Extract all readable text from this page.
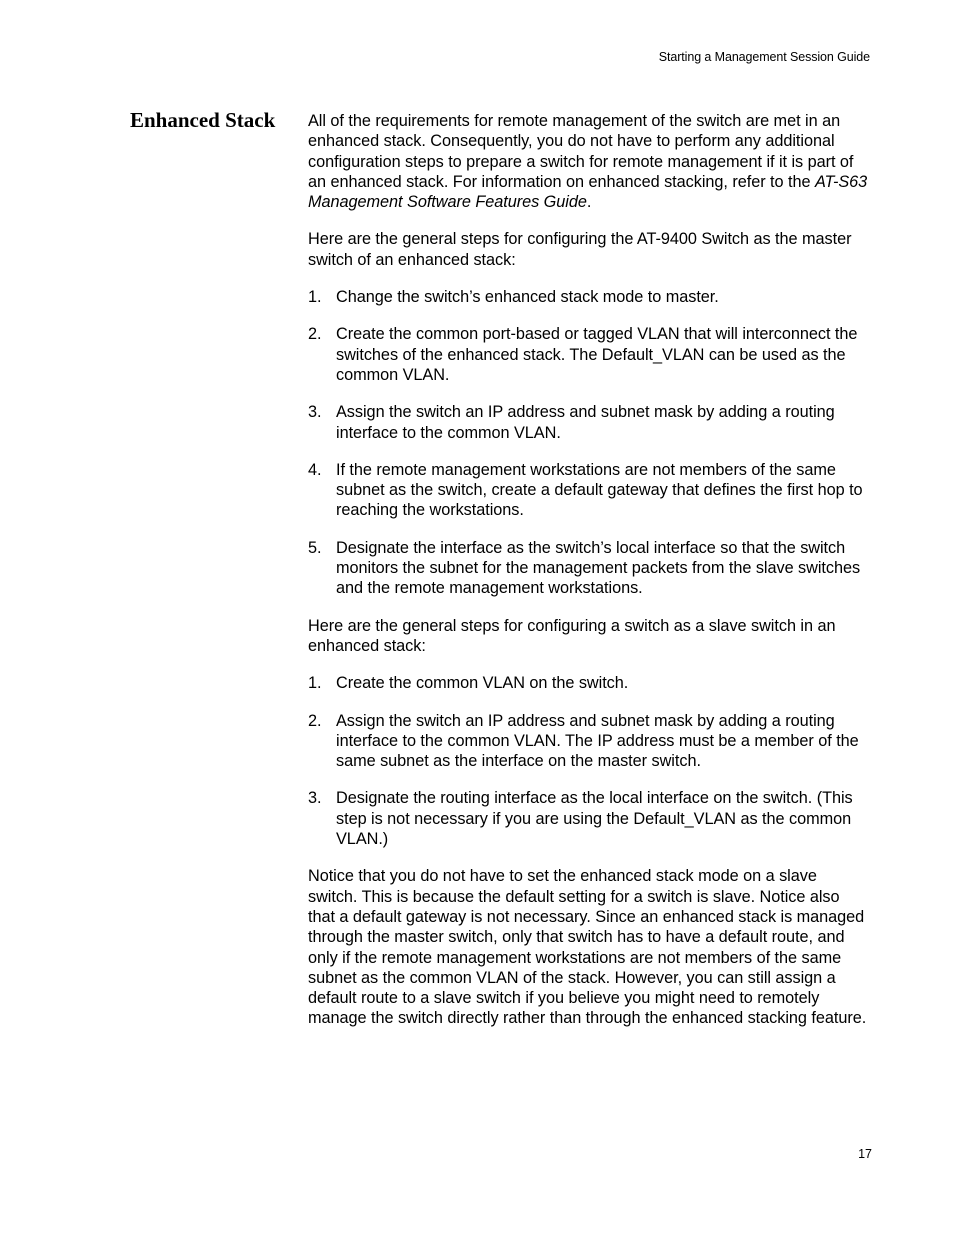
Starting a Management Session Guide
Enhanced Stack All of the requirements for remote management of the switch are met in an enhanced stack. Consequently, you do not have to perform any additional configuration steps to prepare a switch for remote management if it is part of an enhanced stack. For information on enhanced stacking, refer to the AT-S63 Management Software Features Guide.

Here are the general steps for configuring the AT-9400 Switch as the master switch of an enhanced stack:

1. Change the switch’s enhanced stack mode to master.
2. Create the common port-based or tagged VLAN that will interconnect the switches of the enhanced stack. The Default_VLAN can be used as the common VLAN.
3. Assign the switch an IP address and subnet mask by adding a routing interface to the common VLAN.
4. If the remote management workstations are not members of the same subnet as the switch, create a default gateway that defines the first hop to reaching the workstations.
5. Designate the interface as the switch’s local interface so that the switch monitors the subnet for the management packets from the slave switches and the remote management workstations.

Here are the general steps for configuring a switch as a slave switch in an enhanced stack:

1. Create the common VLAN on the switch.
2. Assign the switch an IP address and subnet mask by adding a routing interface to the common VLAN. The IP address must be a member of the same subnet as the interface on the master switch.
3. Designate the routing interface as the local interface on the switch. (This step is not necessary if you are using the Default_VLAN as the common VLAN.)

Notice that you do not have to set the enhanced stack mode on a slave switch. This is because the default setting for a switch is slave. Notice also that a default gateway is not necessary. Since an enhanced stack is managed through the master switch, only that switch has to have a default route, and only if the remote management workstations are not members of the same subnet as the common VLAN of the stack. However, you can still assign a default route to a slave switch if you believe you might need to remotely manage the switch directly rather than through the enhanced stacking feature.

17
